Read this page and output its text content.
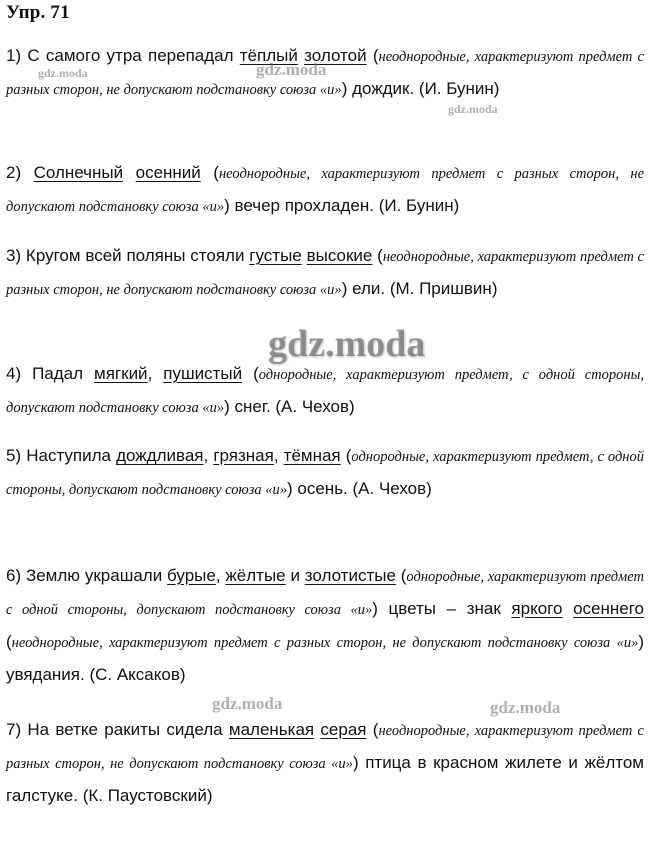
Упр. 71

1) С самого утра перепадал тёплый золотой (неоднородные, характеризуют предмет с разных сторон, не допускают подстановку союза «и») дождик. (И. Бунин)

2) Солнечный осенний (неоднородные, характеризуют предмет с разных сторон, не допускают подстановку союза «и») вечер прохладен. (И. Бунин)

3) Кругом всей поляны стояли густые высокие (неоднородные, характеризуют предмет с разных сторон, не допускают подстановку союза «и») ели. (М. Пришвин)

4) Падал мягкий, пушистый (однородные, характеризуют предмет, с одной стороны, допускают подстановку союза «и») снег. (А. Чехов)

5) Наступила дождливая, грязная, тёмная (однородные, характеризуют предмет, с одной стороны, допускают подстановку союза «и») осень. (А. Чехов)

6) Землю украшали бурые, жёлтые и золотистые (однородные, характеризуют предмет с одной стороны, допускают подстановку союза «и») цветы – знак яркого осеннего (неоднородные, характеризуют предмет с разных сторон, не допускают подстановку союза «и») увядания. (С. Аксаков)

7) На ветке ракиты сидела маленькая серая (неоднородные, характеризуют предмет с разных сторон, не допускают подстановку союза «и») птица в красном жилете и жёлтом галстуке. (К. Паустовский)

gdz.moda	gdz.moda
gdz.moda
gdz.moda
gdz.moda	gdz.moda
